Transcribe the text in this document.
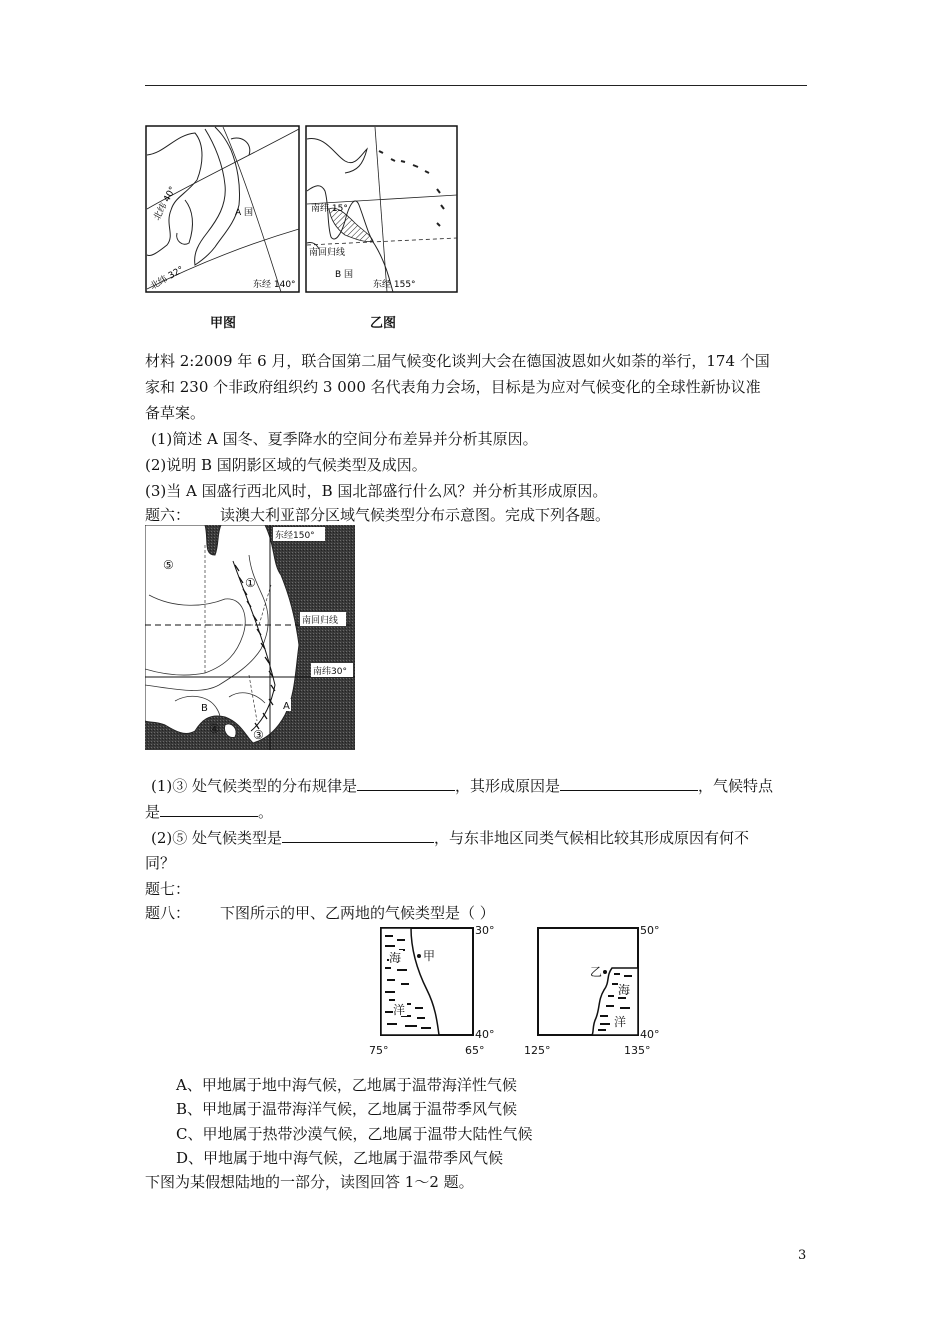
北纬 40°
北纬 32°
A 国
东经 140°
甲图
南纬 15°
南回归线
B 国
东经 155°
乙图
材料 2:2009 年 6 月，联合国第二届气候变化谈判大会在德国波恩如火如荼的举行，174 个国
家和 230 个非政府组织约 3 000 名代表角力会场，目标是为应对气候变化的全球性新协议准
备草案。
(1)简述 A 国冬、夏季降水的空间分布差异并分析其原因。
(2)说明 B 国阴影区域的气候类型及成因。
(3)当 A 国盛行西北风时，B 国北部盛行什么风？并分析其形成原因。
题六： 读澳大利亚部分区域气候类型分布示意图。完成下列各题。
东经150°
南回归线
南纬30°
⑤
①
④	③
A
B
(1)③ 处气候类型的分布规律是	，其形成原因是	，气候特点
是	。
(2)⑤ 处气候类型是	，与东非地区同类气候相比较其形成原因有何不
同？
题七：
题八： 下图所示的甲、乙两地的气候类型是（ ）
海 甲
洋
30°
40°
75°	65°
乙
海
洋
50°
40°
125°	135°
A、甲地属于地中海气候，乙地属于温带海洋性气候
B、甲地属于温带海洋气候，乙地属于温带季风气候
C、甲地属于热带沙漠气候，乙地属于温带大陆性气候
D、甲地属于地中海气候，乙地属于温带季风气候
下图为某假想陆地的一部分，读图回答 1～2 题。
3
